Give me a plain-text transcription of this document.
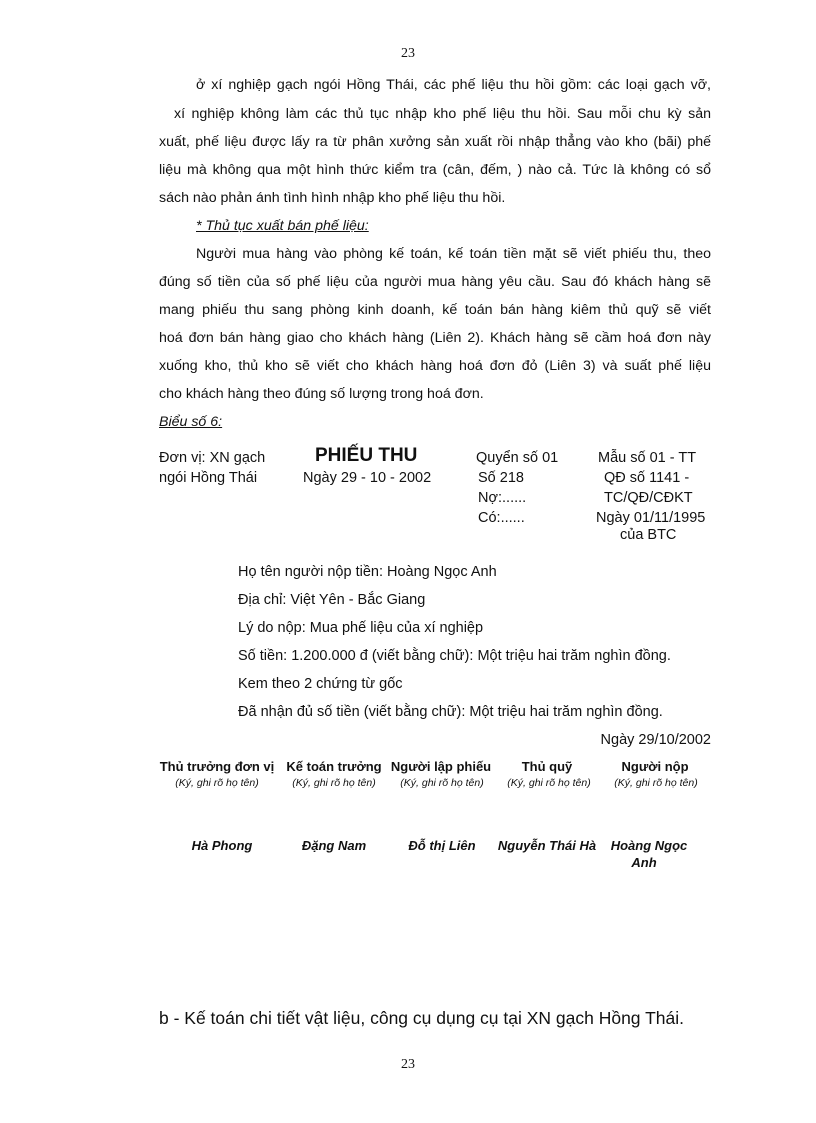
23
ở xí nghiệp gạch ngói Hồng Thái, các phế liệu thu hồi gồm: các loại gạch vỡ,
xí nghiệp không làm các thủ tục nhập kho phế liệu thu hồi. Sau mỗi chu kỳ sản
xuất, phế liệu được lấy ra từ phân xưởng sản xuất rồi nhập thẳng vào kho (bãi) phế
liệu mà không qua một hình thức kiểm tra (cân, đếm, ) nào cả. Tức là không có sổ
sách nào phản ánh tình hình nhập kho phế liệu thu hồi.
* Thủ tục xuất bán phế liệu:
Người mua hàng vào phòng kế toán, kế toán tiền mặt sẽ viết phiếu thu, theo
đúng số tiền của số phế liệu của người mua hàng yêu cầu. Sau đó khách hàng sẽ
mang phiếu thu sang phòng kinh doanh, kế toán bán hàng kiêm thủ quỹ sẽ viết
hoá đơn bán hàng giao cho khách hàng (Liên 2). Khách hàng sẽ cầm hoá đơn này
xuống kho, thủ kho sẽ viết cho khách hàng hoá đơn đỏ (Liên 3) và suất phế liệu
cho khách hàng theo đúng số lượng trong hoá đơn.
Biểu số 6:
Đơn vị: XN gạch
ngói Hồng Thái
PHIẾU THU
Ngày 29 - 10 - 2002
Quyển số 01
Số 218
Nợ:......
Có:......
Mẫu số 01 - TT
QĐ số 1141 -
TC/QĐ/CĐKT
Ngày 01/11/1995
của BTC
Họ tên người nộp tiền: Hoàng Ngọc Anh
Địa chỉ: Việt Yên - Bắc Giang
Lý do nộp: Mua phế liệu của xí nghiệp
Số tiền: 1.200.000 đ (viết bằng chữ): Một triệu hai trăm nghìn đồng.
Kem theo 2 chứng từ gốc
Đã nhận đủ số tiền (viết bằng chữ): Một triệu hai trăm nghìn đồng.
Ngày 29/10/2002
Thủ trưởng đơn vị
(Ký, ghi rõ họ tên)
Hà Phong
Kế toán trưởng
(Ký, ghi rõ họ tên)
Đặng Nam
Người lập phiếu
(Ký, ghi rõ họ tên)
Đỗ thị Liên
Thủ quỹ
(Ký, ghi rõ họ tên)
Nguyễn Thái Hà
Người nộp
(Ký, ghi rõ họ tên)
Hoàng Ngọc
Anh
b - Kế toán chi tiết vật liệu, công cụ dụng cụ tại XN gạch Hồng Thái.
23
